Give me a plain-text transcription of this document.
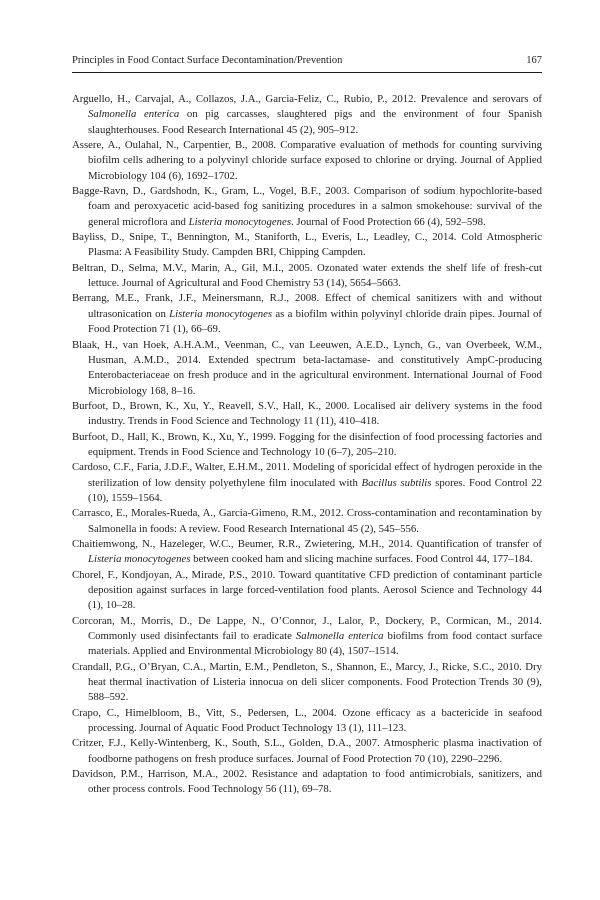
Principles in Food Contact Surface Decontamination/Prevention	167

Arguello, H., Carvajal, A., Collazos, J.A., Garcia-Feliz, C., Rubio, P., 2012. Prevalence and serovars of Salmonella enterica on pig carcasses, slaughtered pigs and the environment of four Spanish slaughterhouses. Food Research International 45 (2), 905–912.

Assere, A., Oulahal, N., Carpentier, B., 2008. Comparative evaluation of methods for counting surviving biofilm cells adhering to a polyvinyl chloride surface exposed to chlorine or drying. Journal of Applied Microbiology 104 (6), 1692–1702.

Bagge-Ravn, D., Gardshodn, K., Gram, L., Vogel, B.F., 2003. Comparison of sodium hypochlorite-based foam and peroxyacetic acid-based fog sanitizing procedures in a salmon smokehouse: survival of the general microflora and Listeria monocytogenes. Journal of Food Protection 66 (4), 592–598.

Bayliss, D., Snipe, T., Bennington, M., Staniforth, L., Everis, L., Leadley, C., 2014. Cold Atmospheric Plasma: A Feasibility Study. Campden BRI, Chipping Campden.

Beltran, D., Selma, M.V., Marin, A., Gil, M.I., 2005. Ozonated water extends the shelf life of fresh-cut lettuce. Journal of Agricultural and Food Chemistry 53 (14), 5654–5663.

Berrang, M.E., Frank, J.F., Meinersmann, R.J., 2008. Effect of chemical sanitizers with and without ultrasonication on Listeria monocytogenes as a biofilm within polyvinyl chloride drain pipes. Journal of Food Protection 71 (1), 66–69.

Blaak, H., van Hoek, A.H.A.M., Veenman, C., van Leeuwen, A.E.D., Lynch, G., van Overbeek, W.M., Husman, A.M.D., 2014. Extended spectrum beta-lactamase- and constitutively AmpC-producing Enterobacteriaceae on fresh produce and in the agricultural environment. International Journal of Food Microbiology 168, 8–16.

Burfoot, D., Brown, K., Xu, Y., Reavell, S.V., Hall, K., 2000. Localised air delivery systems in the food industry. Trends in Food Science and Technology 11 (11), 410–418.

Burfoot, D., Hall, K., Brown, K., Xu, Y., 1999. Fogging for the disinfection of food processing factories and equipment. Trends in Food Science and Technology 10 (6–7), 205–210.

Cardoso, C.F., Faria, J.D.F., Walter, E.H.M., 2011. Modeling of sporicidal effect of hydrogen peroxide in the sterilization of low density polyethylene film inoculated with Bacillus subtilis spores. Food Control 22 (10), 1559–1564.

Carrasco, E., Morales-Rueda, A., Garcia-Gimeno, R.M., 2012. Cross-contamination and recontamination by Salmonella in foods: A review. Food Research International 45 (2), 545–556.

Chaitiemwong, N., Hazeleger, W.C., Beumer, R.R., Zwietering, M.H., 2014. Quantification of transfer of Listeria monocytogenes between cooked ham and slicing machine surfaces. Food Control 44, 177–184.

Chorel, F., Kondjoyan, A., Mirade, P.S., 2010. Toward quantitative CFD prediction of contaminant particle deposition against surfaces in large forced-ventilation food plants. Aerosol Science and Technology 44 (1), 10–28.

Corcoran, M., Morris, D., De Lappe, N., O’Connor, J., Lalor, P., Dockery, P., Cormican, M., 2014. Commonly used disinfectants fail to eradicate Salmonella enterica biofilms from food contact surface materials. Applied and Environmental Microbiology 80 (4), 1507–1514.

Crandall, P.G., O’Bryan, C.A., Martin, E.M., Pendleton, S., Shannon, E., Marcy, J., Ricke, S.C., 2010. Dry heat thermal inactivation of Listeria innocua on deli slicer components. Food Protection Trends 30 (9), 588–592.

Crapo, C., Himelbloom, B., Vitt, S., Pedersen, L., 2004. Ozone efficacy as a bactericide in seafood processing. Journal of Aquatic Food Product Technology 13 (1), 111–123.

Critzer, F.J., Kelly-Wintenberg, K., South, S.L., Golden, D.A., 2007. Atmospheric plasma inactivation of foodborne pathogens on fresh produce surfaces. Journal of Food Protection 70 (10), 2290–2296.

Davidson, P.M., Harrison, M.A., 2002. Resistance and adaptation to food antimicrobials, sanitizers, and other process controls. Food Technology 56 (11), 69–78.
